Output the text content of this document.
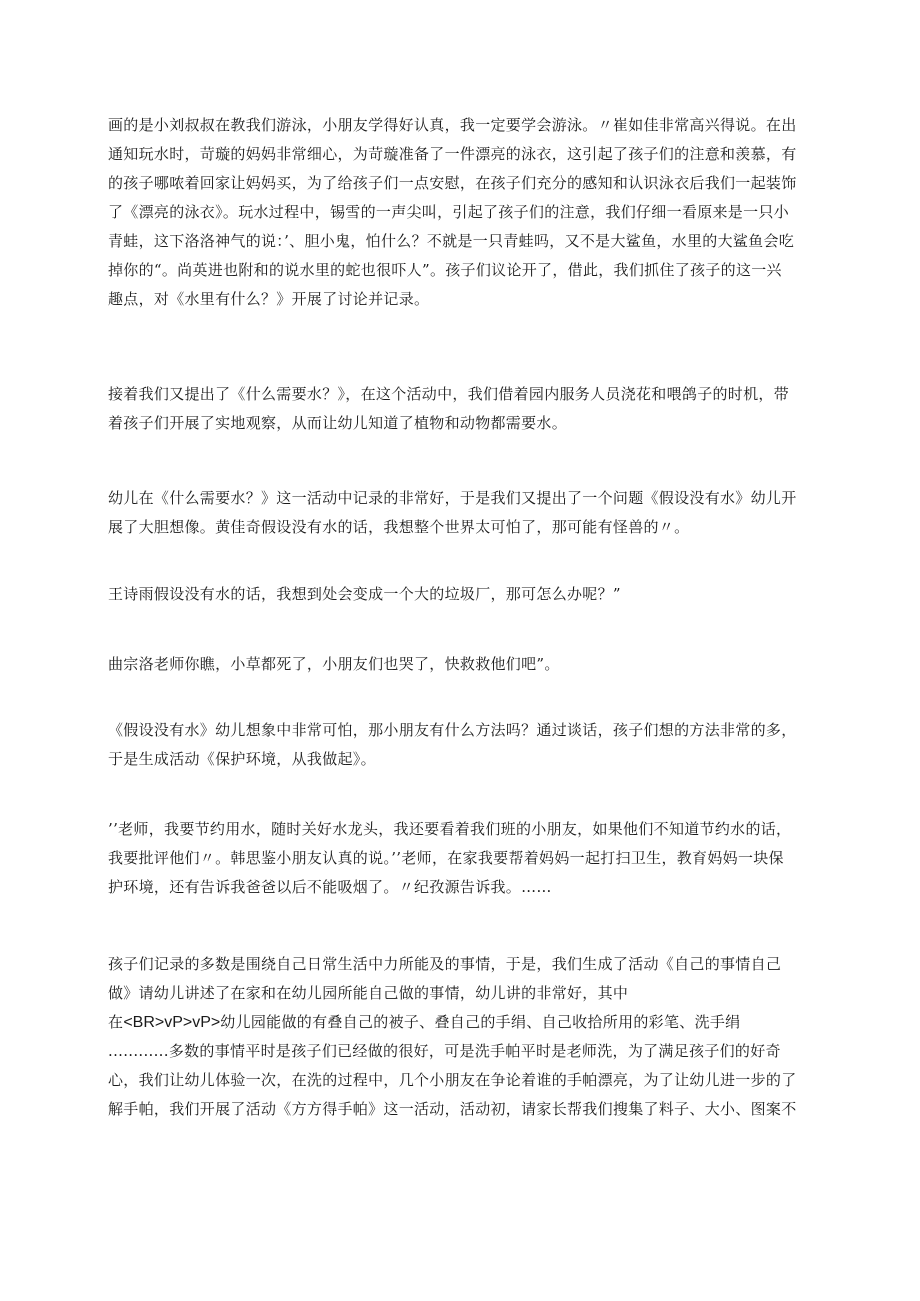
画的是小刘叔叔在教我们游泳，小朋友学得好认真，我一定要学会游泳。〃崔如佳非常高兴得说。在出
通知玩水时，苛璇的妈妈非常细心，为苛璇准备了一件漂亮的泳衣，这引起了孩子们的注意和羡慕，有
的孩子哪哝着回家让妈妈买，为了给孩子们一点安慰，在孩子们充分的感知和认识泳衣后我们一起装饰
了《漂亮的泳衣》。玩水过程中，锡雪的一声尖叫，引起了孩子们的注意，我们仔细一看原来是一只小
青蛙，这下洛洛神气的说：’、胆小鬼，怕什么？不就是一只青蛙吗，又不是大鲨鱼，水里的大鲨鱼会吃
掉你的“。尚英进也附和的说水里的蛇也很吓人”。孩子们议论开了，借此，我们抓住了孩子的这一兴
趣点，对《水里有什么？》开展了讨论并记录。

接着我们又提出了《什么需要水？》，在这个活动中，我们借着园内服务人员浇花和喂鸽子的时机，带
着孩子们开展了实地观察，从而让幼儿知道了植物和动物都需要水。

幼儿在《什么需要水？》这一活动中记录的非常好，于是我们又提出了一个问题《假设没有水》幼儿开
展了大胆想像。黄佳奇假设没有水的话，我想整个世界太可怕了，那可能有怪兽的〃。

王诗雨假设没有水的话，我想到处会变成一个大的垃圾厂，那可怎么办呢？”

曲宗洛老师你瞧，小草都死了，小朋友们也哭了，快救救他们吧”。

《假设没有水》幼儿想象中非常可怕，那小朋友有什么方法吗？通过谈话，孩子们想的方法非常的多，
于是生成活动《保护环境，从我做起》。

’’老师，我要节约用水，随时关好水龙头，我还要看着我们班的小朋友，如果他们不知道节约水的话，
我要批评他们〃。韩思鉴小朋友认真的说。’’老师，在家我要帮着妈妈一起打扫卫生，教育妈妈一块保
护环境，还有告诉我爸爸以后不能吸烟了。〃纪孜源告诉我。……

孩子们记录的多数是围绕自己日常生活中力所能及的事情，于是，我们生成了活动《自己的事情自己
做》请幼儿讲述了在家和在幼儿园所能自己做的事情，幼儿讲的非常好，其中
在<BR>vP>vP>幼儿园能做的有叠自己的被子、叠自己的手绢、自己收拾所用的彩笔、洗手绢
............多数的事情平时是孩子们已经做的很好，可是洗手帕平时是老师洗，为了满足孩子们的好奇
心，我们让幼儿体验一次，在洗的过程中，几个小朋友在争论着谁的手帕漂亮，为了让幼儿进一步的了
解手帕，我们开展了活动《方方得手帕》这一活动，活动初，请家长帮我们搜集了料子、大小、图案不
